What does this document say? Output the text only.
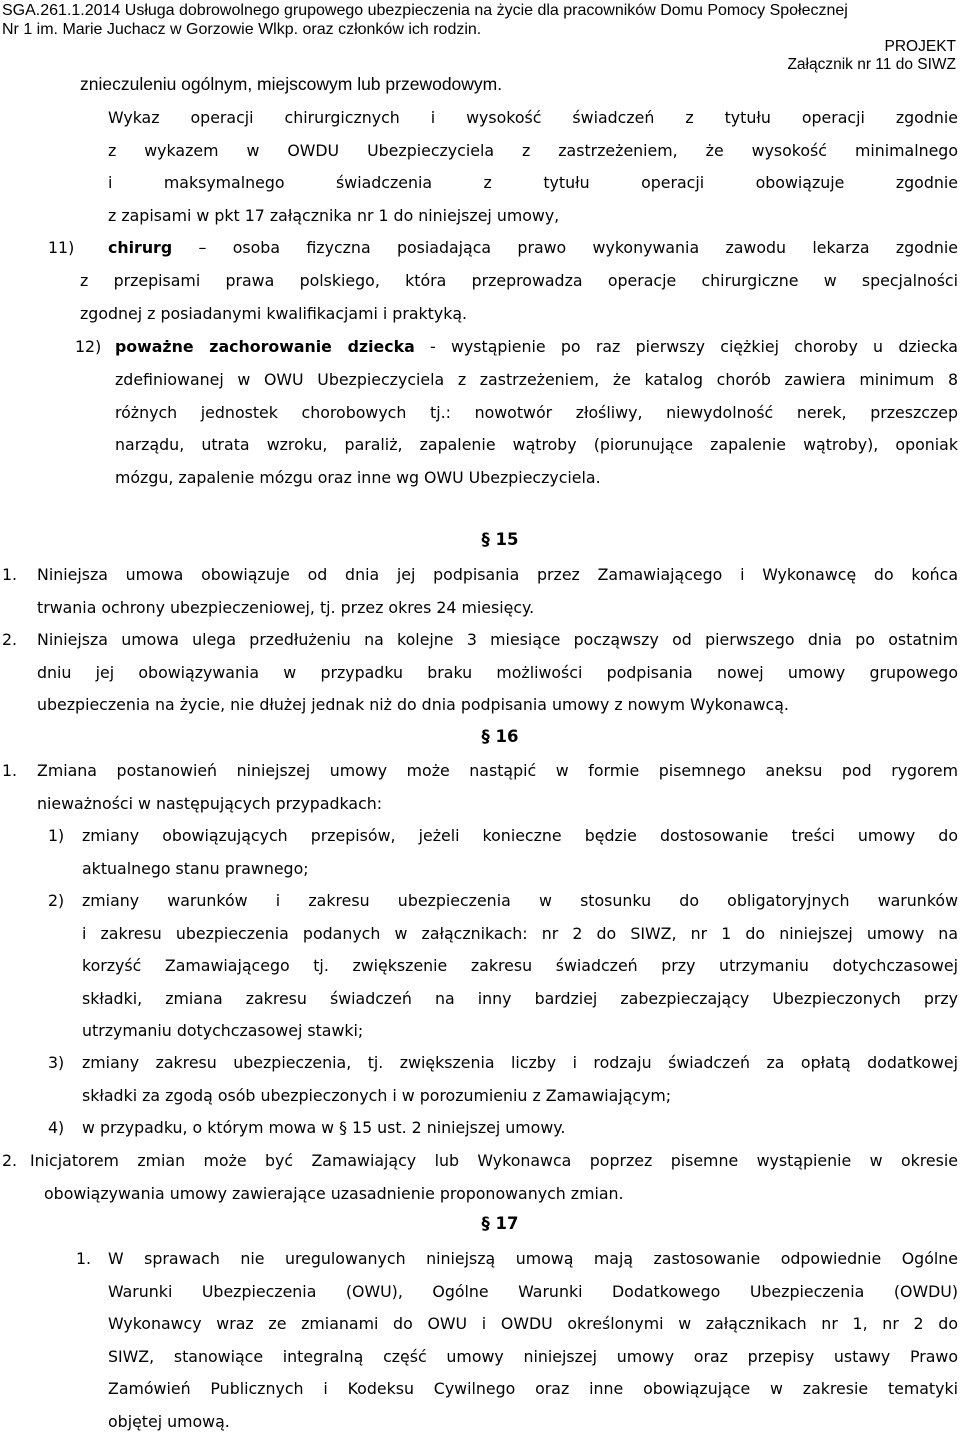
SGA.261.1.2014 Usługa dobrowolnego grupowego ubezpieczenia na życie dla pracowników Domu Pomocy Społecznej
Nr 1 im. Marie Juchacz w Gorzowie Wlkp. oraz członków ich rodzin.
PROJEKT
Załącznik nr 11 do SIWZ
znieczuleniu ogólnym, miejscowym lub przewodowym.
Wykaz operacji chirurgicznych i wysokość świadczeń z tytułu operacji zgodnie
z wykazem w OWDU Ubezpieczyciela z zastrzeżeniem, że wysokość minimalnego
i maksymalnego świadczenia z tytułu operacji obowiązuje zgodnie
z zapisami w pkt 17 załącznika nr 1 do niniejszej umowy,
11) chirurg – osoba fizyczna posiadająca prawo wykonywania zawodu lekarza zgodnie
z przepisami prawa polskiego, która przeprowadza operacje chirurgiczne w specjalności
zgodnej z posiadanymi kwalifikacjami i praktyką.
12) poważne zachorowanie dziecka - wystąpienie po raz pierwszy ciężkiej choroby u dziecka
zdefiniowanej w OWU Ubezpieczyciela z zastrzeżeniem, że katalog chorób zawiera minimum 8
różnych jednostek chorobowych tj.: nowotwór złośliwy, niewydolność nerek, przeszczep
narządu, utrata wzroku, paraliż, zapalenie wątroby (piorunujące zapalenie wątroby), oponiak
mózgu, zapalenie mózgu oraz inne wg OWU Ubezpieczyciela.
§ 15
1. Niniejsza umowa obowiązuje od dnia jej podpisania przez Zamawiającego i Wykonawcę do końca
trwania ochrony ubezpieczeniowej, tj. przez okres 24 miesięcy.
2. Niniejsza umowa ulega przedłużeniu na kolejne 3 miesiące począwszy od pierwszego dnia po ostatnim
dniu jej obowiązywania w przypadku braku możliwości podpisania nowej umowy grupowego
ubezpieczenia na życie, nie dłużej jednak niż do dnia podpisania umowy z nowym Wykonawcą.
§ 16
1. Zmiana postanowień niniejszej umowy może nastąpić w formie pisemnego aneksu pod rygorem
nieważności w następujących przypadkach:
1) zmiany obowiązujących przepisów, jeżeli konieczne będzie dostosowanie treści umowy do
aktualnego stanu prawnego;
2) zmiany warunków i zakresu ubezpieczenia w stosunku do obligatoryjnych warunków
i zakresu ubezpieczenia podanych w załącznikach: nr 2 do SIWZ, nr 1 do niniejszej umowy na
korzyść Zamawiającego tj. zwiększenie zakresu świadczeń przy utrzymaniu dotychczasowej
składki, zmiana zakresu świadczeń na inny bardziej zabezpieczający Ubezpieczonych przy
utrzymaniu dotychczasowej stawki;
3) zmiany zakresu ubezpieczenia, tj. zwiększenia liczby i rodzaju świadczeń za opłatą dodatkowej
składki za zgodą osób ubezpieczonych i w porozumieniu z Zamawiającym;
4) w przypadku, o którym mowa w § 15 ust. 2 niniejszej umowy.
2. Inicjatorem zmian może być Zamawiający lub Wykonawca poprzez pisemne wystąpienie w okresie
obowiązywania umowy zawierające uzasadnienie proponowanych zmian.
§ 17
1. W sprawach nie uregulowanych niniejszą umową mają zastosowanie odpowiednie Ogólne
Warunki Ubezpieczenia (OWU), Ogólne Warunki Dodatkowego Ubezpieczenia (OWDU)
Wykonawcy wraz ze zmianami do OWU i OWDU określonymi w załącznikach nr 1, nr 2 do
SIWZ, stanowiące integralną część umowy niniejszej umowy oraz przepisy ustawy Prawo
Zamówień Publicznych i Kodeksu Cywilnego oraz inne obowiązujące w zakresie tematyki
objętej umową.
